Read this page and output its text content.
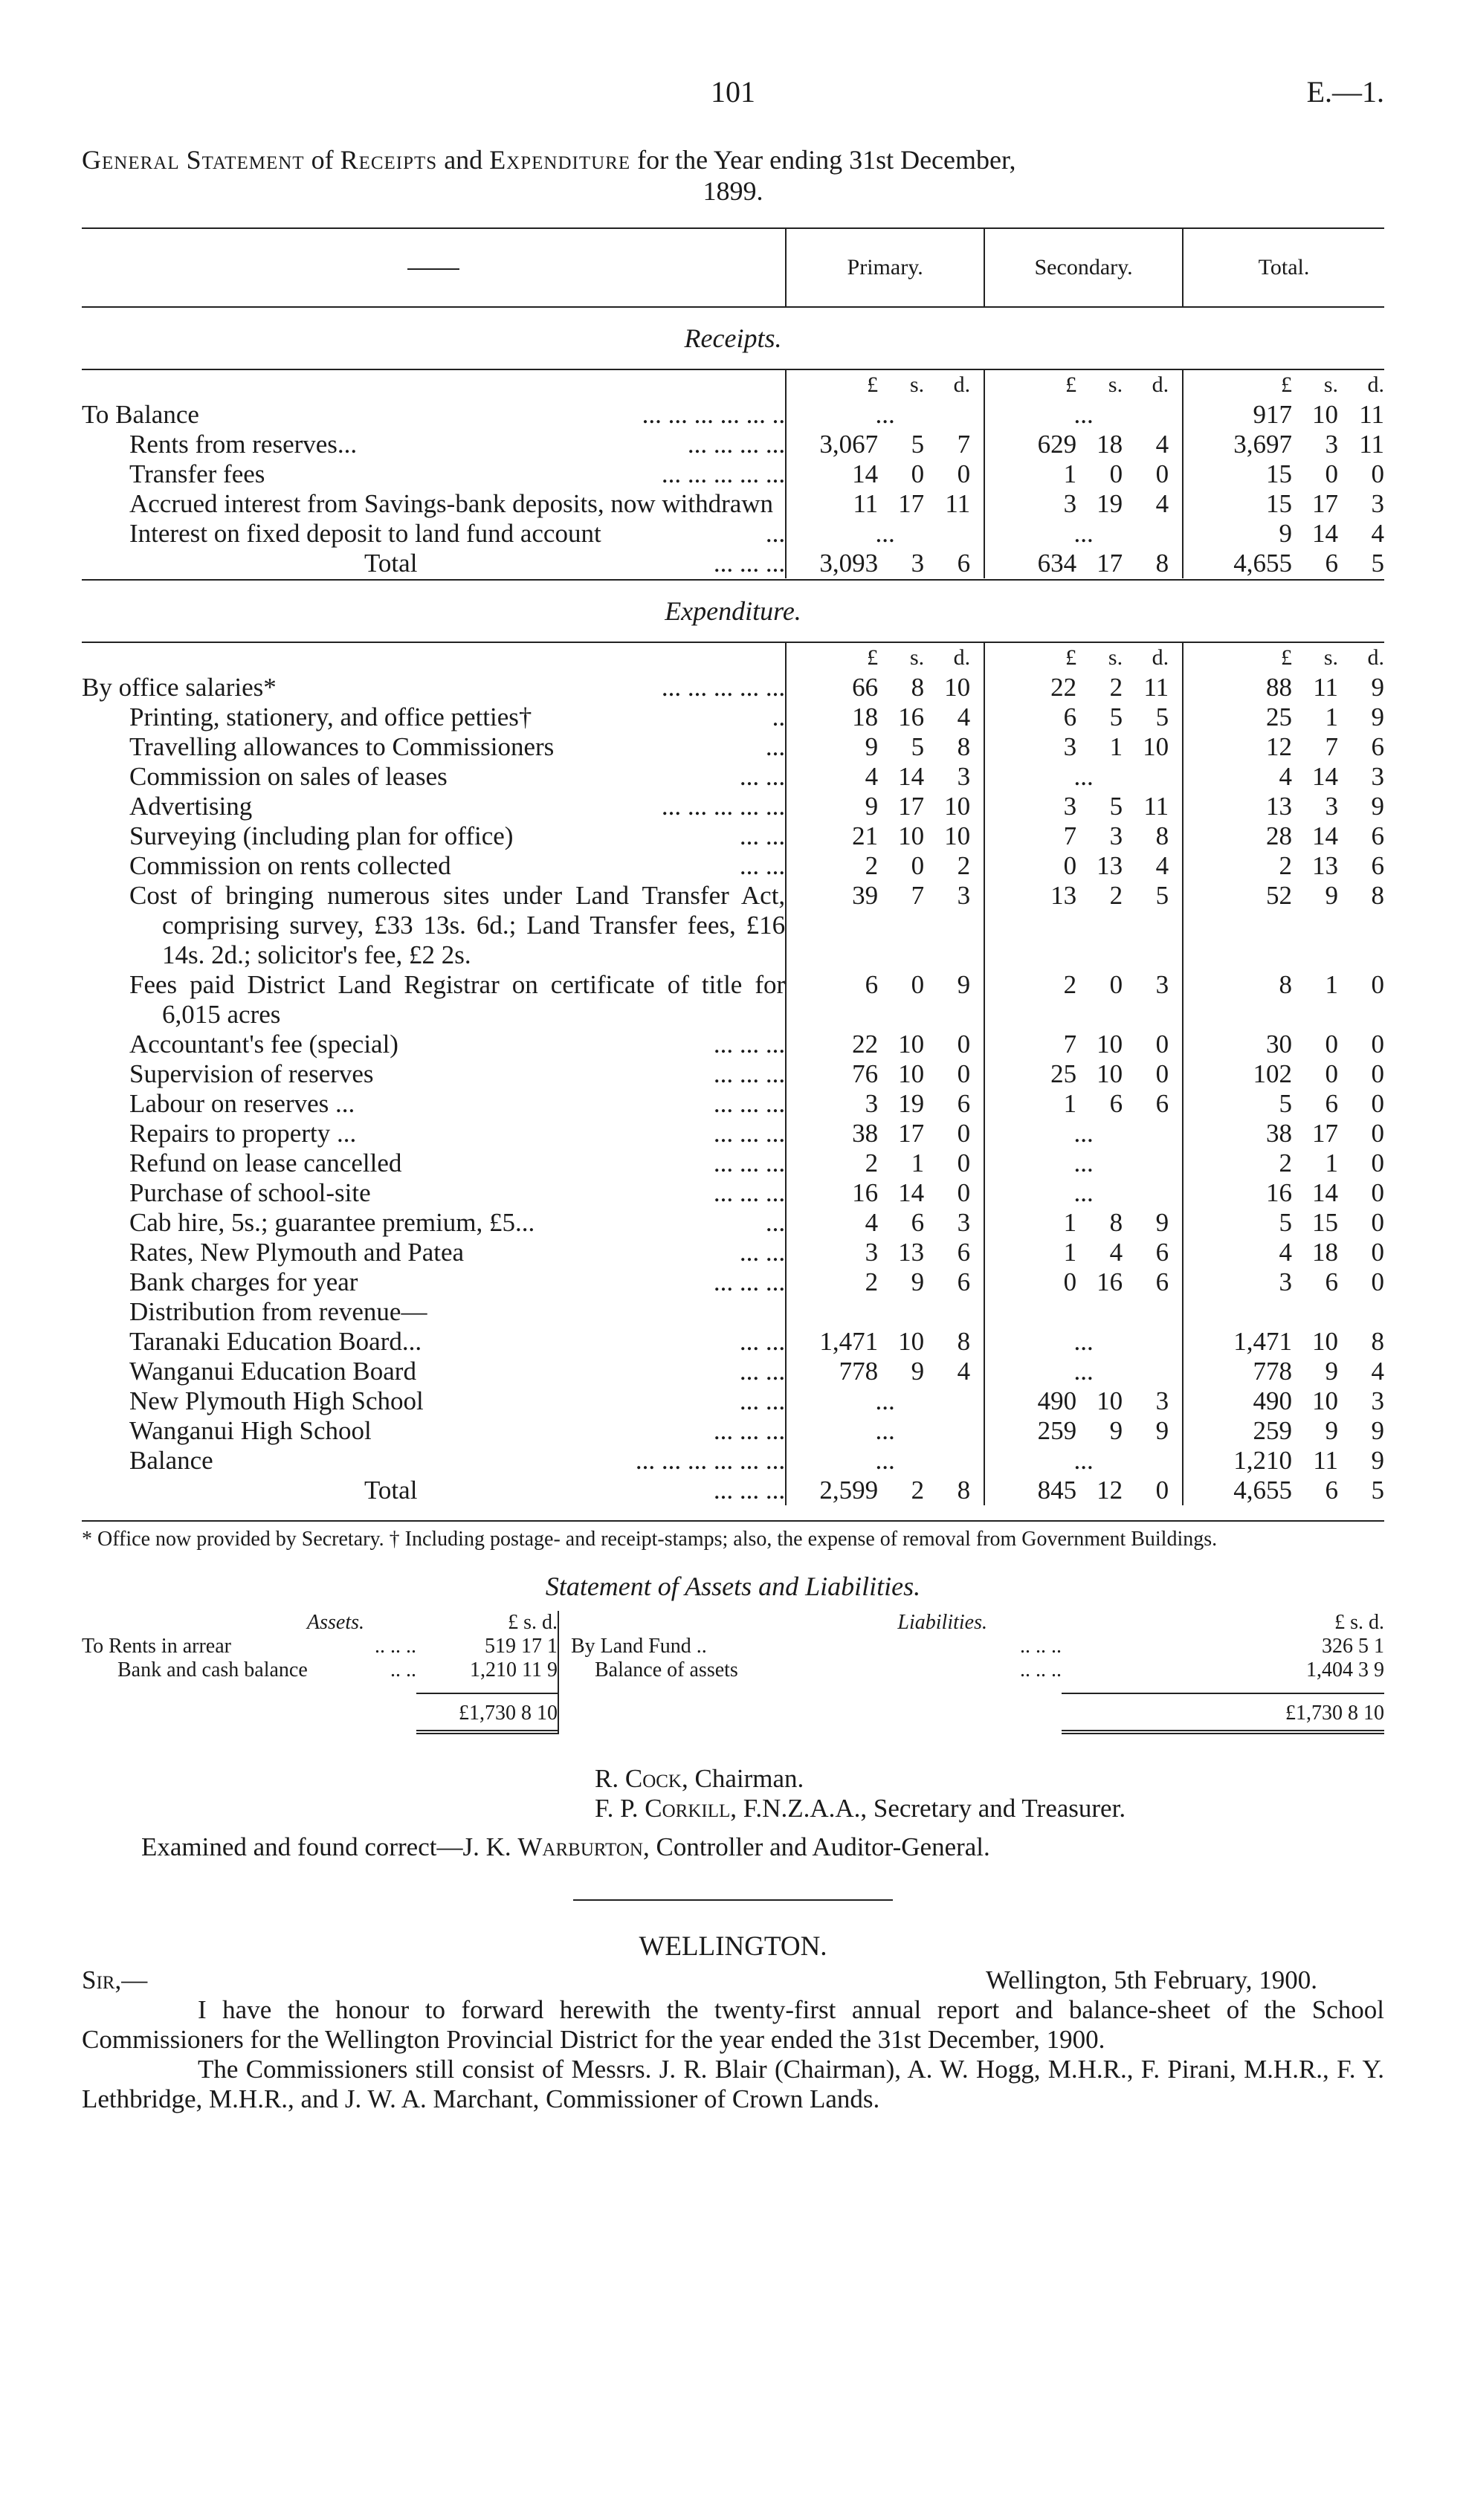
101	E.—1.
General Statement of Receipts and Expenditure for the Year ending 31st December,
1899.
	Primary.	Secondary.	Total.
Receipts.			

	£ s. d.	£ s. d.	£ s. d.

To Balance ... ... ... ... ... ..	...	...	917 10 11

Rents from reserves... ... ... ... ...	3,067 5 7	629 18 4	3,697 3 11

Transfer fees ... ... ... ... ...	14 0 0	1 0 0	15 0 0

Accrued interest from Savings-bank deposits, now withdrawn	11 17 11	3 19 4	15 17 3

Interest on fixed deposit to land fund account ...	...	...	9 14 4

Total ... ... ...	3,093 3 6	634 17 8	4,655 6 5

Expenditure.			

	£ s. d.	£ s. d.	£ s. d.

By office salaries* ... ... ... ... ...	66 8 10	22 2 11	88 11 9

Printing, stationery, and office petties† ..	18 16 4	6 5 5	25 1 9

Travelling allowances to Commissioners ...	9 5 8	3 1 10	12 7 6

Commission on sales of leases ... ...	4 14 3	...	4 14 3

Advertising ... ... ... ... ...	9 17 10	3 5 11	13 3 9

Surveying (including plan for office) ... ...	21 10 10	7 3 8	28 14 6

Commission on rents collected ... ...	2 0 2	0 13 4	2 13 6

Cost of bringing numerous sites under Land Transfer Act, comprising survey, £33 13s. 6d.; Land Transfer fees, £16 14s. 2d.; solicitor's fee, £2 2s.	39 7 3	13 2 5	52 9 8

Fees paid District Land Registrar on certificate of title for 6,015 acres	6 0 9	2 0 3	8 1 0

Accountant's fee (special) ... ... ...	22 10 0	7 10 0	30 0 0

Supervision of reserves ... ... ...	76 10 0	25 10 0	102 0 0

Labour on reserves ... ... ... ...	3 19 6	1 6 6	5 6 0

Repairs to property ... ... ... ...	38 17 0	...	38 17 0

Refund on lease cancelled ... ... ...	2 1 0	...	2 1 0

Purchase of school-site ... ... ...	16 14 0	...	16 14 0

Cab hire, 5s.; guarantee premium, £5... ...	4 6 3	1 8 9	5 15 0

Rates, New Plymouth and Patea ... ...	3 13 6	1 4 6	4 18 0

Bank charges for year ... ... ...	2 9 6	0 16 6	3 6 0

Distribution from revenue—			

Taranaki Education Board... ... ...	1,471 10 8	...	1,471 10 8

Wanganui Education Board ... ...	778 9 4	...	778 9 4

New Plymouth High School ... ...	...	490 10 3	490 10 3

Wanganui High School ... ... ...	...	259 9 9	259 9 9

Balance ... ... ... ... ... ...	...	...	1,210 11 9

Total ... ... ...	2,599 2 8	845 12 0	4,655 6 5
* Office now provided by Secretary. † Including postage- and receipt-stamps; also, the expense of removal from Government Buildings.
Statement of Assets and Liabilities.
Assets.	£ s. d.	Liabilities.	£ s. d.
To Rents in arrear .. .. ..	519 17 1	By Land Fund .. .. .. ..	326 5 1
Bank and cash balance .. ..	1,210 11 9	Balance of assets .. .. ..	1,404 3 9

	£1,730 8 10		£1,730 8 10
R. Cock, Chairman.
F. P. Corkill, F.N.Z.A.A., Secretary and Treasurer.
Examined and found correct—J. K. Warburton, Controller and Auditor-General.
WELLINGTON.
Sir,—	Wellington, 5th February, 1900.
I have the honour to forward herewith the twenty-first annual report and balance-sheet of the School Commissioners for the Wellington Provincial District for the year ended the 31st December, 1900.
The Commissioners still consist of Messrs. J. R. Blair (Chairman), A. W. Hogg, M.H.R., F. Pirani, M.H.R., F. Y. Lethbridge, M.H.R., and J. W. A. Marchant, Commissioner of Crown Lands.
